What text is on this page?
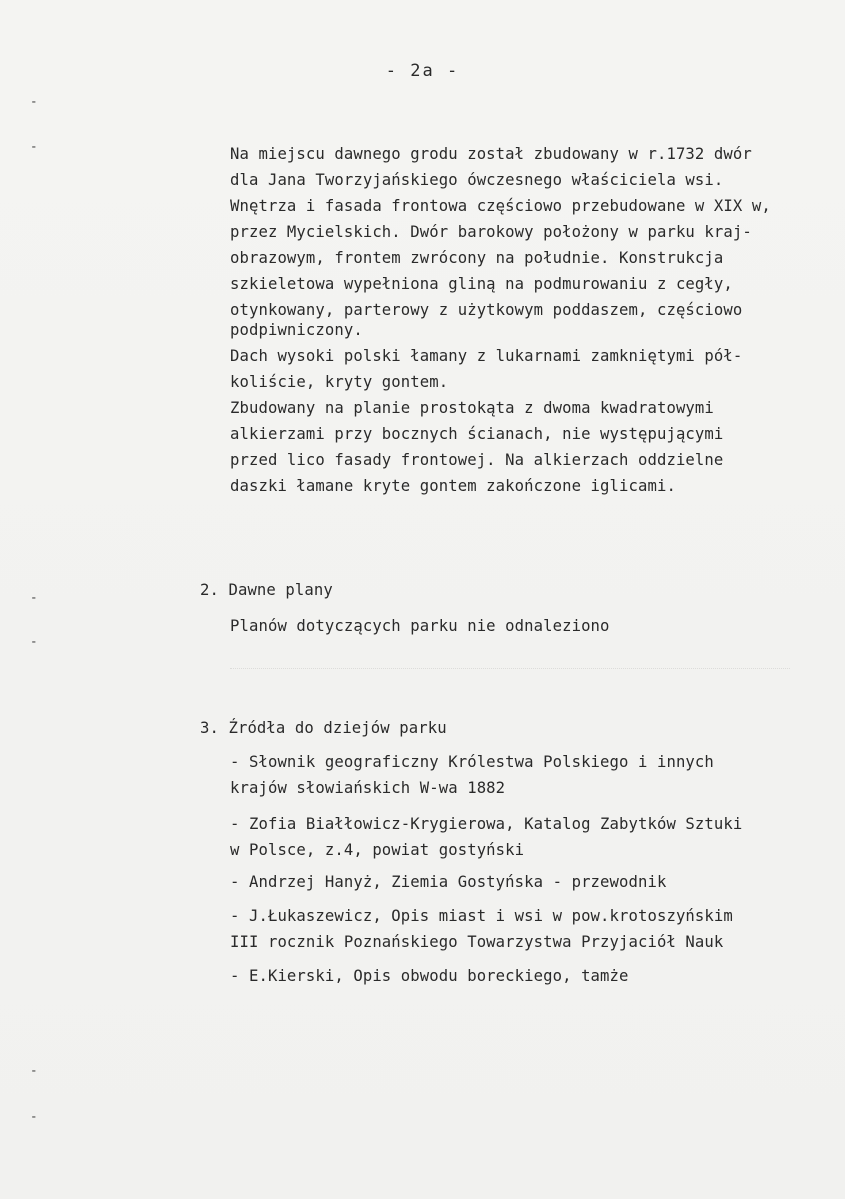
- 2a -
⁃
⁃
⁃
⁃
⁃
⁃
Na miejscu dawnego grodu został zbudowany w r.1732 dwór
dla Jana Tworzyjańskiego ówczesnego właściciela wsi.
Wnętrza i fasada frontowa częściowo przebudowane w XIX w,
przez Mycielskich. Dwór barokowy położony w parku kraj-
obrazowym, frontem zwrócony na południe. Konstrukcja
szkieletowa wypełniona gliną na podmurowaniu z cegły,
otynkowany, parterowy z użytkowym poddaszem, częściowo
podpiwniczony.
Dach wysoki polski łamany z lukarnami zamkniętymi pół-
koliście, kryty gontem.
Zbudowany na planie prostokąta z dwoma kwadratowymi
alkierzami przy bocznych ścianach, nie występującymi
przed lico fasady frontowej. Na alkierzach oddzielne
daszki łamane kryte gontem zakończone iglicami.
2. Dawne plany
Planów dotyczących parku nie odnaleziono
3. Źródła do dziejów parku
- Słownik geograficzny Królestwa Polskiego i innych
krajów słowiańskich W-wa 1882
- Zofia Białłowicz-Krygierowa, Katalog Zabytków Sztuki
w Polsce, z.4, powiat gostyński
- Andrzej Hanyż, Ziemia Gostyńska - przewodnik
- J.Łukaszewicz, Opis miast i wsi w pow.krotoszyńskim
III rocznik Poznańskiego Towarzystwa Przyjaciół Nauk
- E.Kierski, Opis obwodu boreckiego, tamże
